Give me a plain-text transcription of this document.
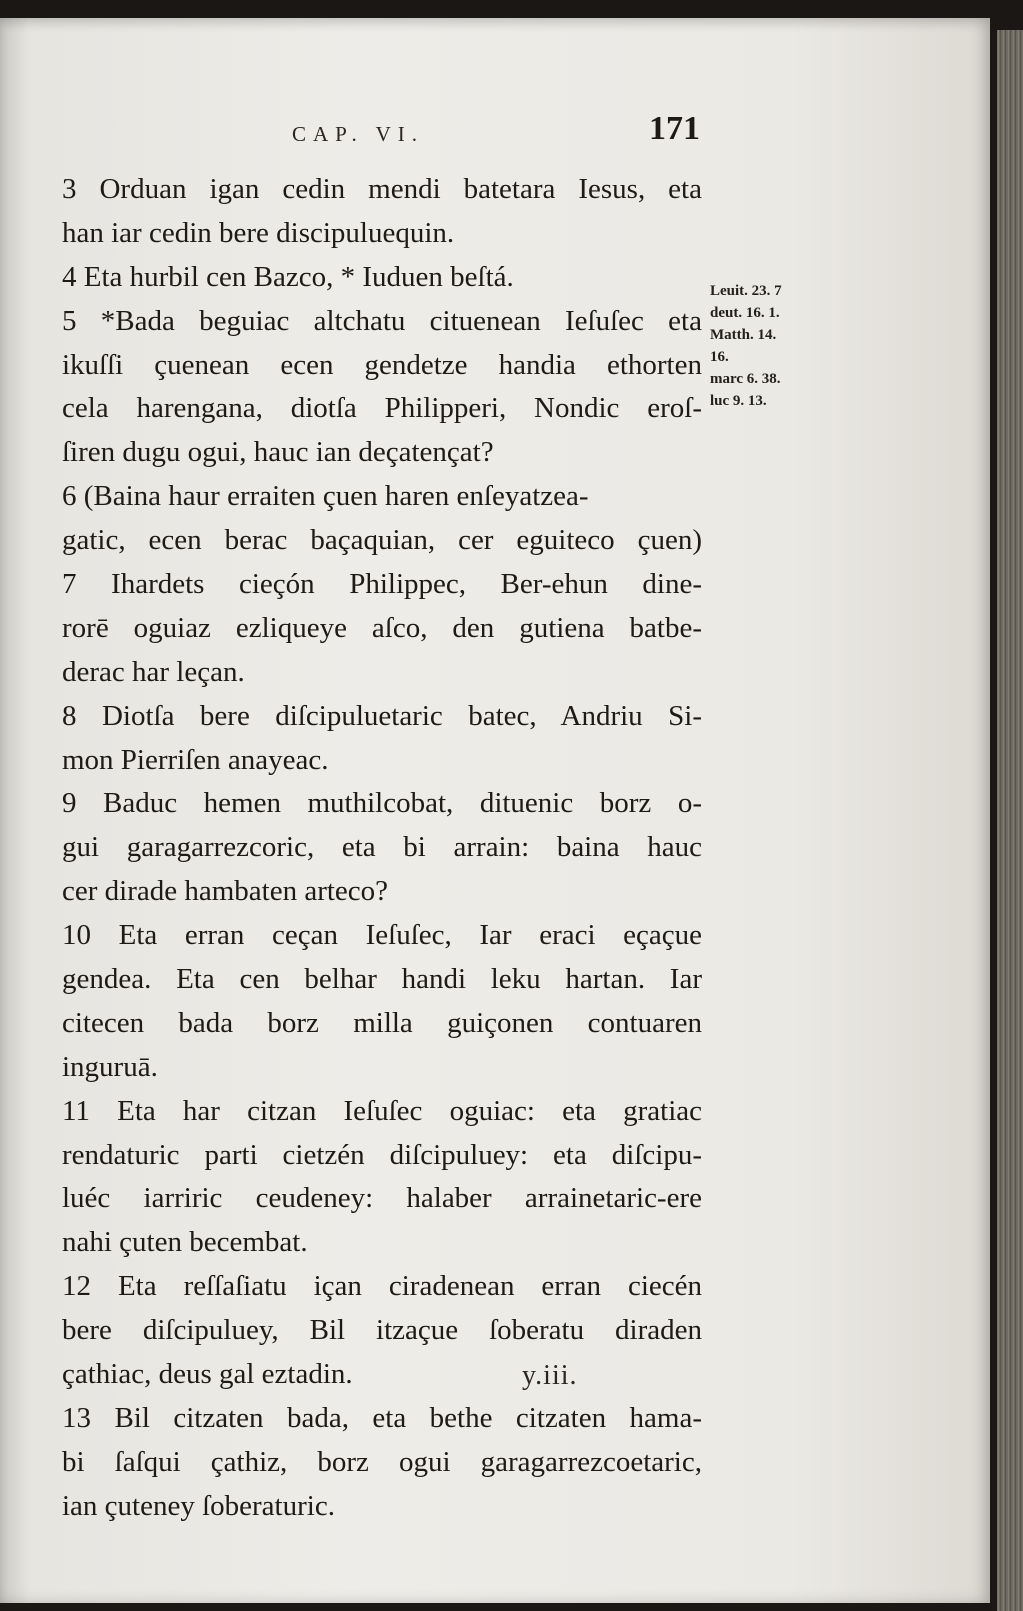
CAP. VI.	171
3 Orduan igan cedin mendi batetara Iesus, eta
han iar cedin bere discipuluequin.
4 Eta hurbil cen Bazco, * Iuduen beſtá.
5 *Bada beguiac altchatu cituenean Ieſuſec eta
ikuſſi çuenean ecen gendetze handia ethorten
cela harengana, diotſa Philipperi, Nondic eroſ-
ſiren dugu ogui, hauc ian deçatençat?
6 (Baina haur erraiten çuen haren enſeyatzea-
gatic, ecen berac baçaquian, cer eguiteco çuen)
7 Ihardets cieçón Philippec, Ber-ehun dine-
rorē oguiaz ezliqueye aſco, den gutiena batbe-
derac har leçan.
8 Diotſa bere diſcipuluetaric batec, Andriu Si-
mon Pierriſen anayeac.
9 Baduc hemen muthilcobat, dituenic borz o-
gui garagarrezcoric, eta bi arrain: baina hauc
cer dirade hambaten arteco?
10 Eta erran ceçan Ieſuſec, Iar eraci eçaçue
gendea. Eta cen belhar handi leku hartan. Iar
citecen bada borz milla guiçonen contuaren
inguruā.
11 Eta har citzan Ieſuſec oguiac: eta gratiac
rendaturic parti cietzén diſcipuluey: eta diſcipu-
luéc iarriric ceudeney: halaber arrainetaric-ere
nahi çuten becembat.
12 Eta reſſaſiatu içan ciradenean erran ciecén
bere diſcipuluey, Bil itzaçue ſoberatu diraden
çathiac, deus gal eztadin.
13 Bil citzaten bada, eta bethe citzaten hama-
bi ſaſqui çathiz, borz ogui garagarrezcoetaric,
ian çuteney ſoberaturic.
Leuit. 23. 7
deut. 16. 1.
Matth. 14.
16.
marc 6. 38.
luc 9. 13.
y.iii.
